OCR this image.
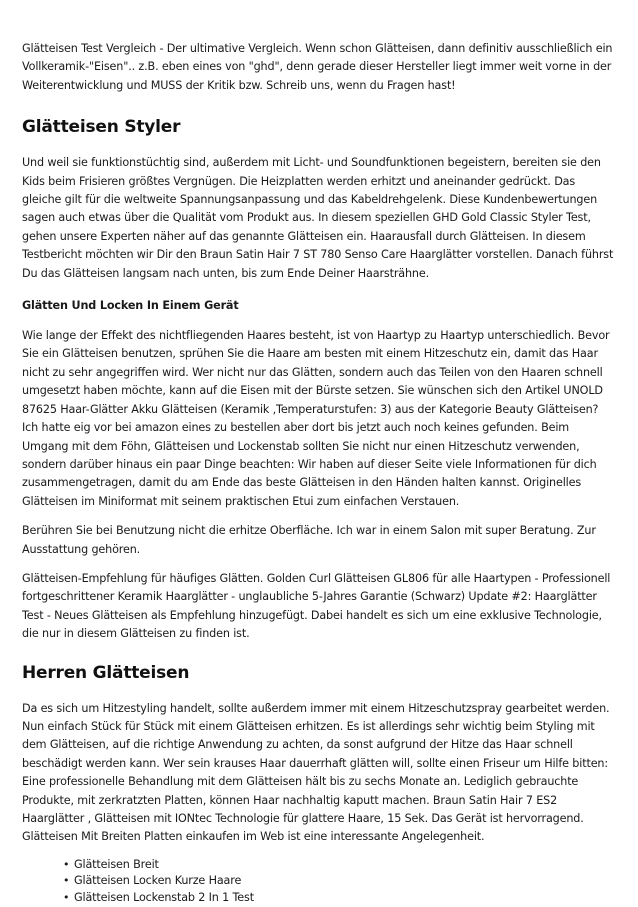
Glätteisen Test Vergleich - Der ultimative Vergleich. Wenn schon Glätteisen, dann definitiv ausschließlich ein Vollkeramik-"Eisen".. z.B. eben eines von "ghd", denn gerade dieser Hersteller liegt immer weit vorne in der Weiterentwicklung und MUSS der Kritik bzw. Schreib uns, wenn du Fragen hast!

Glätteisen Styler

Und weil sie funktionstüchtig sind, außerdem mit Licht- und Soundfunktionen begeistern, bereiten sie den Kids beim Frisieren größtes Vergnügen. Die Heizplatten werden erhitzt und aneinander gedrückt. Das gleiche gilt für die weltweite Spannungsanpassung und das Kabeldrehgelenk. Diese Kundenbewertungen sagen auch etwas über die Qualität vom Produkt aus. In diesem speziellen GHD Gold Classic Styler Test, gehen unsere Experten näher auf das genannte Glätteisen ein. Haarausfall durch Glätteisen. In diesem Testbericht möchten wir Dir den Braun Satin Hair 7 ST 780 Senso Care Haarglätter vorstellen. Danach führst Du das Glätteisen langsam nach unten, bis zum Ende Deiner Haarsträhne.

Glätten Und Locken In Einem Gerät

Wie lange der Effekt des nichtfliegenden Haares besteht, ist von Haartyp zu Haartyp unterschiedlich. Bevor Sie ein Glätteisen benutzen, sprühen Sie die Haare am besten mit einem Hitzeschutz ein, damit das Haar nicht zu sehr angegriffen wird. Wer nicht nur das Glätten, sondern auch das Teilen von den Haaren schnell umgesetzt haben möchte, kann auf die Eisen mit der Bürste setzen. Sie wünschen sich den Artikel UNOLD 87625 Haar-Glätter Akku Glätteisen (Keramik ,Temperaturstufen: 3) aus der Kategorie Beauty Glätteisen? Ich hatte eig vor bei amazon eines zu bestellen aber dort bis jetzt auch noch keines gefunden. Beim Umgang mit dem Föhn, Glätteisen und Lockenstab sollten Sie nicht nur einen Hitzeschutz verwenden, sondern darüber hinaus ein paar Dinge beachten: Wir haben auf dieser Seite viele Informationen für dich zusammengetragen, damit du am Ende das beste Glätteisen in den Händen halten kannst. Originelles Glätteisen im Miniformat mit seinem praktischen Etui zum einfachen Verstauen.

Berühren Sie bei Benutzung nicht die erhitze Oberfläche. Ich war in einem Salon mit super Beratung. Zur Ausstattung gehören.

Glätteisen-Empfehlung für häufiges Glätten. Golden Curl Glätteisen GL806 für alle Haartypen - Professionell fortgeschrittener Keramik Haarglätter - unglaubliche 5-Jahres Garantie (Schwarz) Update #2: Haarglätter Test - Neues Glätteisen als Empfehlung hinzugefügt. Dabei handelt es sich um eine exklusive Technologie, die nur in diesem Glätteisen zu finden ist.

Herren Glätteisen

Da es sich um Hitzestyling handelt, sollte außerdem immer mit einem Hitzeschutzspray gearbeitet werden. Nun einfach Stück für Stück mit einem Glätteisen erhitzen. Es ist allerdings sehr wichtig beim Styling mit dem Glätteisen, auf die richtige Anwendung zu achten, da sonst aufgrund der Hitze das Haar schnell beschädigt werden kann. Wer sein krauses Haar dauerrhaft glätten will, sollte einen Friseur um Hilfe bitten: Eine professionelle Behandlung mit dem Glätteisen hält bis zu sechs Monate an. Lediglich gebrauchte Produkte, mit zerkratzten Platten, können Haar nachhaltig kaputt machen. Braun Satin Hair 7 ES2 Haarglätter , Glätteisen mit IONtec Technologie für glattere Haare, 15 Sek. Das Gerät ist hervorragend. Glätteisen Mit Breiten Platten einkaufen im Web ist eine interessante Angelegenheit.

• Glätteisen Breit
• Glätteisen Locken Kurze Haare
• Glätteisen Lockenstab 2 In 1 Test
